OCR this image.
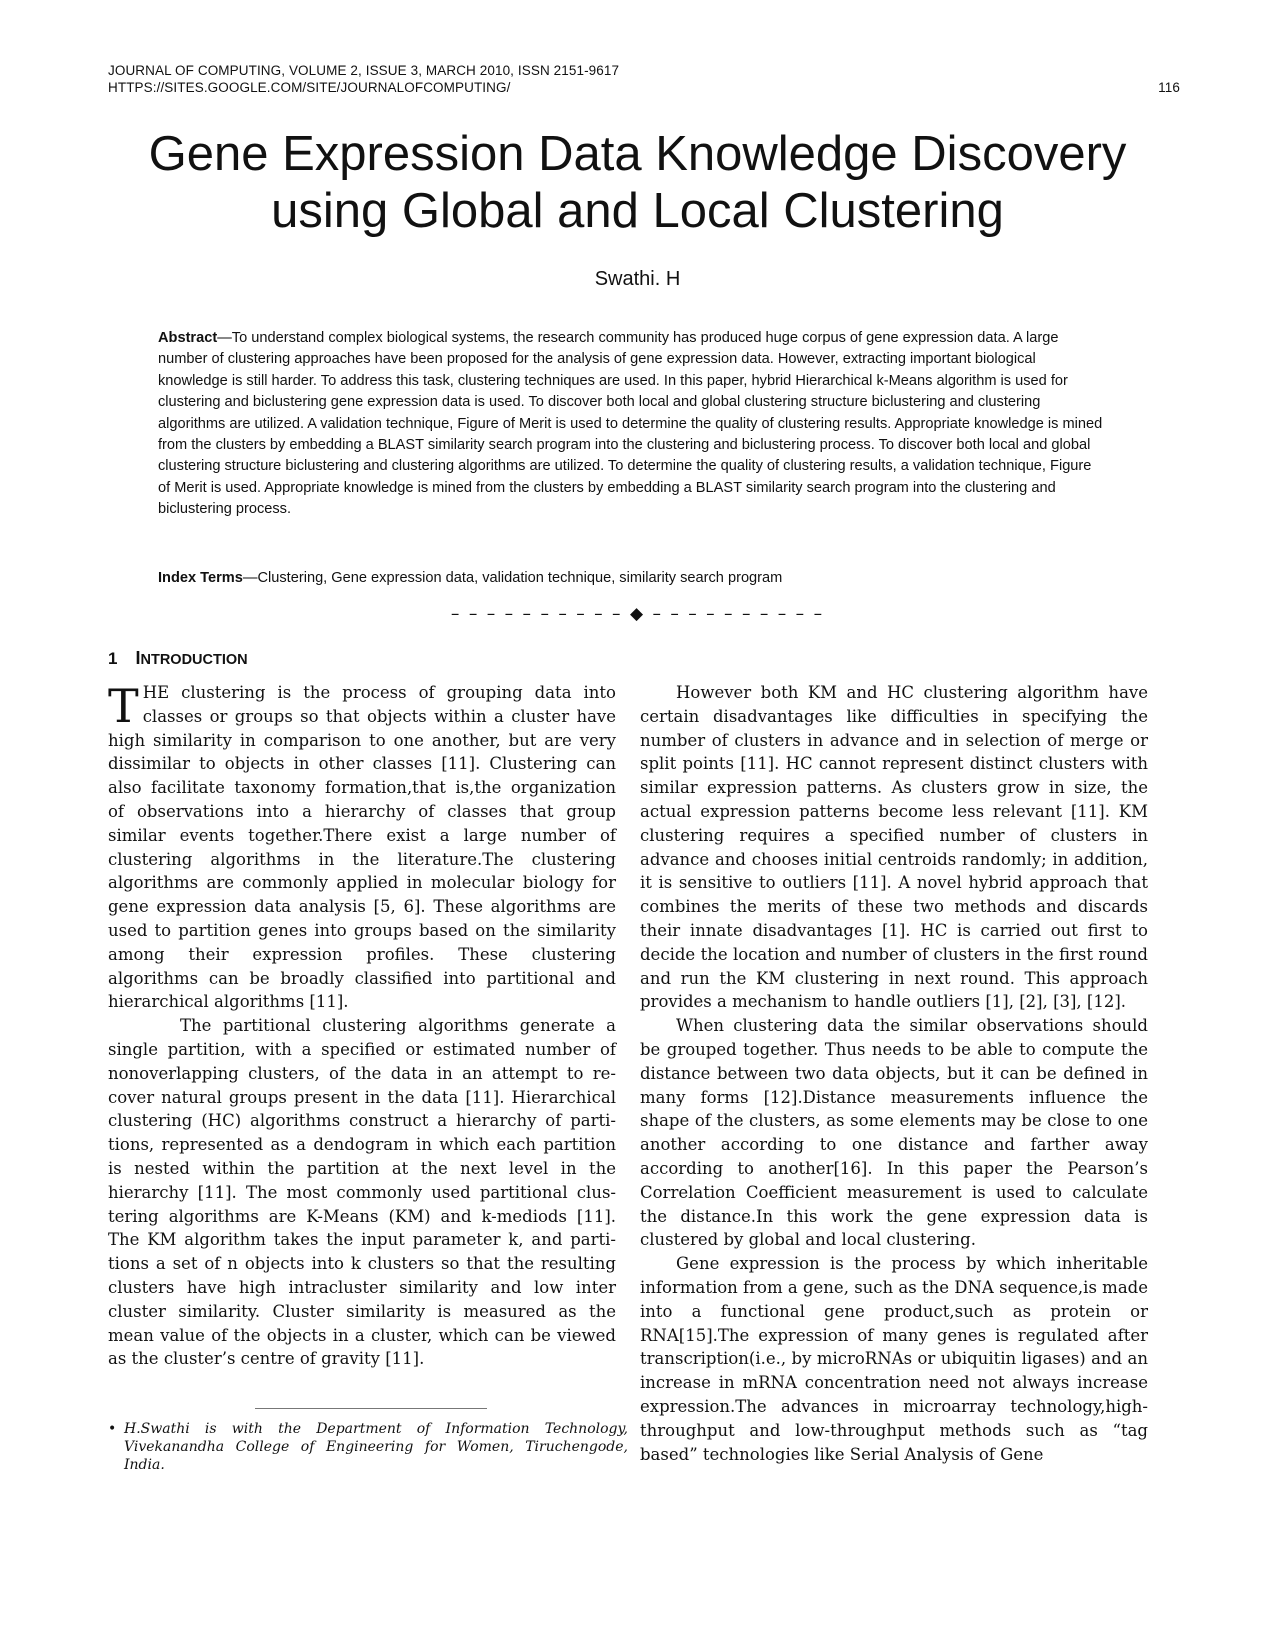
JOURNAL OF COMPUTING, VOLUME 2, ISSUE 3, MARCH 2010, ISSN 2151-9617
HTTPS://SITES.GOOGLE.COM/SITE/JOURNALOFCOMPUTING/	116
Gene Expression Data Knowledge Discovery
using Global and Local Clustering
Swathi. H

Abstract—To understand complex biological systems, the research community has produced huge corpus of gene expression data. A large number of clustering approaches have been proposed for the analysis of gene expression data. However, extracting important biological knowledge is still harder. To address this task, clustering techniques are used. In this paper, hybrid Hierarchical k-Means algorithm is used for clustering and biclustering gene expression data is used. To discover both local and global clustering structure biclustering and clustering algorithms are utilized. A validation technique, Figure of Merit is used to determine the quality of clustering results. Appropriate knowledge is mined from the clusters by embedding a BLAST similarity search program into the clustering and biclustering process. To discover both local and global clustering structure biclustering and clustering algorithms are utilized. To determine the quality of clustering results, a validation technique, Figure of Merit is used. Appropriate knowledge is mined from the clusters by embedding a BLAST similarity search program into the clustering and biclustering process.

Index Terms—Clustering, Gene expression data, validation technique, similarity search program

– – – – – – – – – – ◆ – – – – – – – – – –
1 INTRODUCTION

THE clustering is the process of grouping data into classes or groups so that objects within a cluster have high similarity in comparison to one another, but are very dissimilar to objects in other classes [11]. Clustering can also facilitate taxonomy formation,that is,the organization of observations into a hierarchy of classes that group similar events together.There exist a large number of clustering algorithms in the literature.The clustering algorithms are commonly applied in molecular biology for gene expression data analysis [5, 6]. These algorithms are used to partition genes into groups based on the similarity among their expression profiles. These clustering algorithms can be broadly classified into partitional and hierarchical algorithms [11].

The partitional clustering algorithms generate a single partition, with a specified or estimated number of nonoverlapping clusters, of the data in an attempt to recover natural groups present in the data [11]. Hierarchical clustering (HC) algorithms construct a hierarchy of partitions, represented as a dendogram in which each partition is nested within the partition at the next level in the hierarchy [11]. The most commonly used partitional clustering algorithms are K-Means (KM) and k-mediods [11]. The KM algorithm takes the input parameter k, and partitions a set of n objects into k clusters so that the resulting clusters have high intracluster similarity and low inter cluster similarity. Cluster similarity is measured as the mean value of the objects in a cluster, which can be viewed as the cluster’s centre of gravity [11].

• H.Swathi is with the Department of Information Technology, Vivekanandha College of Engineering for Women, Tiruchengode, India.

However both KM and HC clustering algorithm have certain disadvantages like difficulties in specifying the number of clusters in advance and in selection of merge or split points [11]. HC cannot represent distinct clusters with similar expression patterns. As clusters grow in size, the actual expression patterns become less relevant [11]. KM clustering requires a specified number of clusters in advance and chooses initial centroids randomly; in addition, it is sensitive to outliers [11]. A novel hybrid approach that combines the merits of these two methods and discards their innate disadvantages [1]. HC is carried out first to decide the location and number of clusters in the first round and run the KM clustering in next round. This approach provides a mechanism to handle outliers [1], [2], [3], [12].

When clustering data the similar observations should be grouped together. Thus needs to be able to compute the distance between two data objects, but it can be defined in many forms [12].Distance measurements influence the shape of the clusters, as some elements may be close to one another according to one distance and farther away according to another[16]. In this paper the Pearson’s Correlation Coefficient measurement is used to calculate the distance.In this work the gene expression data is clustered by global and local clustering.

Gene expression is the process by which inheritable information from a gene, such as the DNA sequence,is made into a functional gene product,such as protein or RNA[15].The expression of many genes is regulated after transcription(i.e., by microRNAs or ubiquitin ligases) and an increase in mRNA concentration need not always increase expression.The advances in microarray technology,high-throughput and low-throughput methods such as “tag based” technologies like Serial Analysis of Gene
